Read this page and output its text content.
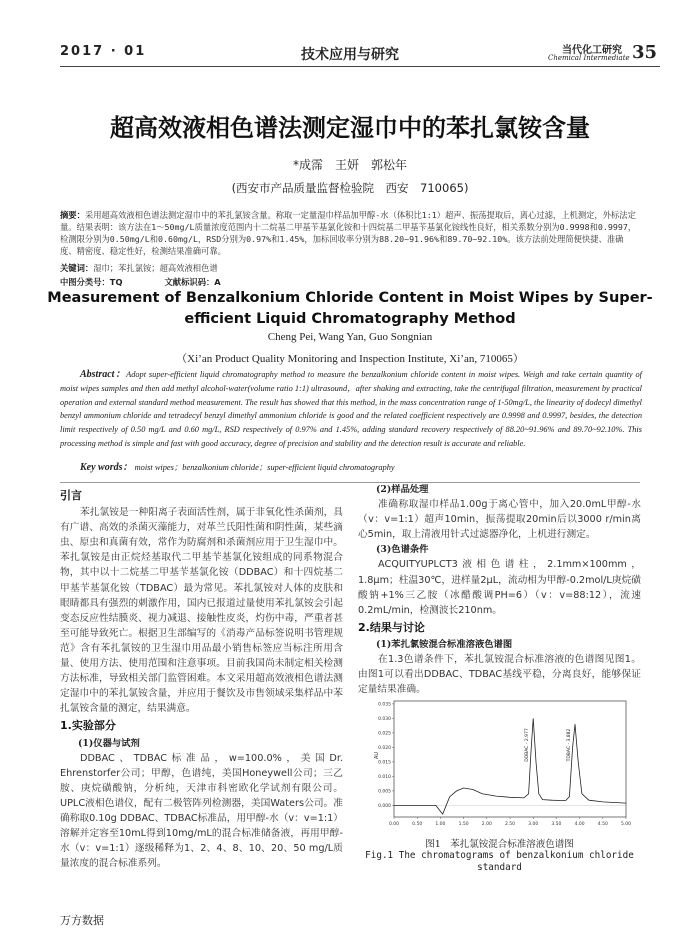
2017 · 01	技术应用与研究	当代化工研究
Chemical Intermediate 35
超高效液相色谱法测定湿巾中的苯扎氯铵含量
*成霈　王妍　郭松年
(西安市产品质量监督检验院　西安　710065)
摘要：采用超高效液相色谱法测定湿巾中的苯扎氯铵含量。称取一定量湿巾样品加甲醇-水（体积比1:1）超声、振荡提取后，离心过滤，上机测定，外标法定量。结果表明：该方法在1～50mg/L质量浓度范围内十二烷基二甲基苄基氯化铵和十四烷基二甲基苄基氯化铵线性良好，相关系数分别为0.9998和0.9997，检测限分别为0.50mg/L和0.60mg/L，RSD分别为0.97%和1.45%，加标回收率分别为88.20~91.96%和89.70~92.10%。该方法前处理简便快捷、准确度、精密度、稳定性好，检测结果准确可靠。
关键词：湿巾；苯扎氯铵；超高效液相色谱
中图分类号：TQ	文献标识码：A
Measurement of Benzalkonium Chloride Content in Moist Wipes by Super-efficient Liquid Chromatography Method
Cheng Pei, Wang Yan, Guo Songnian
（Xi’an Product Quality Monitoring and Inspection Institute, Xi’an, 710065）
Abstract：Adopt super-efficient liquid chromatography method to measure the benzalkonium chloride content in moist wipes. Weigh and take certain quantity of moist wipes samples and then add methyl alcohol-water(volume ratio 1:1) ultrasound，after shaking and extracting, take the centrifugal filtration, measurement by practical operation and external standard method measurement. The result has showed that this method, in the mass concentration range of 1-50mg/L, the linearity of dodecyl dimethyl benzyl ammonium chloride and tetradecyl benzyl dimethyl ammonium chloride is good and the related coefficient respectively are 0.9998 and 0.9997, besides, the detection limit respectively of 0.50 mg/L and 0.60 mg/L, RSD respectively of 0.97% and 1.45%, adding standard recovery respectively of 88.20~91.96% and 89.70~92.10%. This processing method is simple and fast with good accuracy, degree of precision and stability and the detection result is accurate and reliable.
Key words： moist wipes；benzalkonium chloride；super-efficient liquid chromatography
引言

苯扎氯铵是一种阳离子表面活性剂，属于非氧化性杀菌剂，具有广谱、高效的杀菌灭藻能力，对革兰氏阳性菌和阴性菌，某些滴虫、原虫和真菌有效，常作为防腐剂和杀菌剂应用于卫生湿巾中。苯扎氯铵是由正烷烃基取代二甲基苄基氯化铵组成的同系物混合物，其中以十二烷基二甲基苄基氯化铵（DDBAC）和十四烷基二甲基苄基氯化铵（TDBAC）最为常见。苯扎氯铵对人体的皮肤和眼睛都具有强烈的刺激作用，国内已报道过量使用苯扎氯铵会引起变态反应性结膜炎、视力减退、接触性皮炎，灼伤中毒，严重者甚至可能导致死亡。根据卫生部编写的《消毒产品标签说明书管理规范》含有苯扎氯铵的卫生湿巾用品最小销售标签应当标注所用含量、使用方法、使用范围和注意事项。目前我国尚未制定相关检测方法标准，导致相关部门监管困难。本文采用超高效液相色谱法测定湿巾中的苯扎氯铵含量，并应用于餐饮及市售领域采集样品中苯扎氯铵含量的测定，结果满意。

1.实验部分
(1)仪器与试剂

DDBAC、TDBAC标准品，w=100.0%，美国Dr. Ehrenstorfer公司；甲醇，色谱纯，美国Honeywell公司；三乙胺、庚烷磺酸钠，分析纯，天津市科密欧化学试剂有限公司。UPLC液相色谱仪，配有二极管阵列检测器，美国Waters公司。准确称取0.10g DDBAC、TDBAC标准品，用甲醇-水（v：v=1:1）溶解并定容至10mL得到10mg/mL的混合标准储备液，再用甲醇-水（v：v=1:1）逐级稀释为1、2、4、8、10、20、50 mg/L质量浓度的混合标准系列。

(2)样品处理

准确称取湿巾样品1.00g于离心管中，加入20.0mL甲醇-水（v：v=1:1）超声10min，振荡提取20min后以3000 r/min离心5min，取上清液用针式过滤器净化，上机进行测定。

(3)色谱条件

ACQUITYUPLCT3液相色谱柱，2.1mm×100mm，1.8μm；柱温30℃，进样量2μL，流动相为甲醇-0.2mol/L庚烷磺酸钠+1%三乙胺（冰醋酸调PH=6）（v：v=88:12），流速0.2mL/min，检测波长210nm。

2.结果与讨论
(1)苯扎氯铵混合标准溶液色谱图

在1.3色谱条件下，苯扎氯铵混合标准溶液的色谱图见图1。由图1可以看出DDBAC、TDBAC基线平稳，分离良好，能够保证定量结果准确。

AU
0.00	0.50	1.00	1.50	2.00	2.50	3.00	3.50	4.00	4.50	5.00
0.000
0.005
0.010
0.015
0.020
0.025
0.030
0.035
DDBAC - 2.977	TDBAC - 3.882
图1　苯扎氯铵混合标准溶液色谱图
Fig.1 The chromatograms of benzalkonium chloride standard
万方数据
